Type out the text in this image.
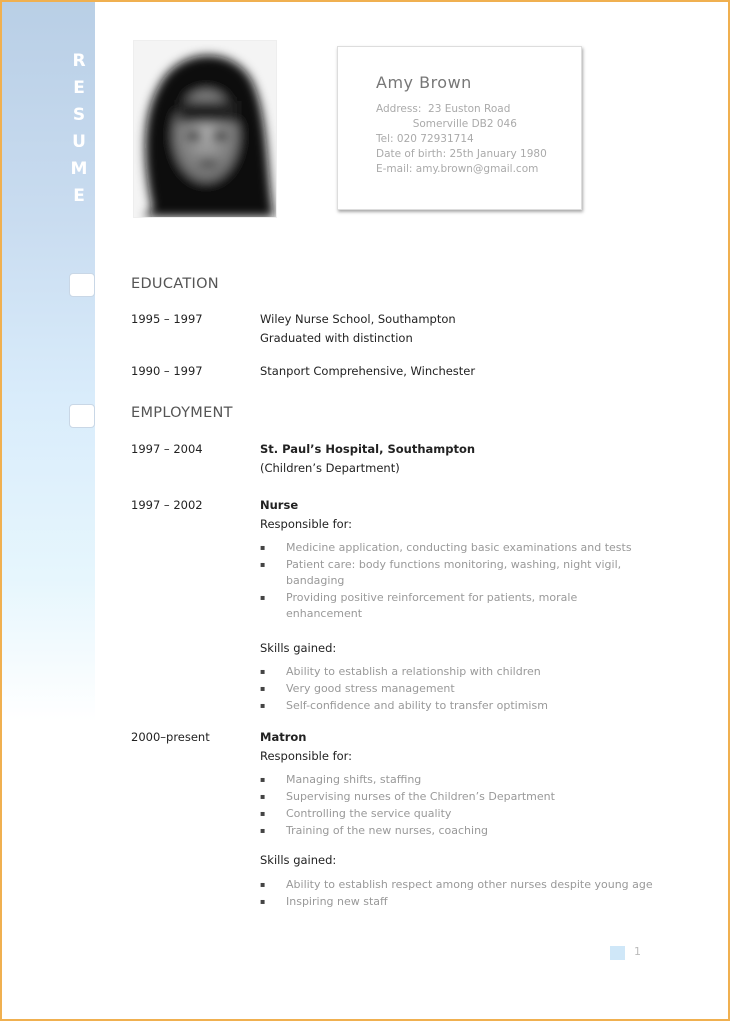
R
E
S
U
M
E
Amy Brown
Address:  23 Euston Road
Somerville DB2 046
Tel: 020 72931714
Date of birth: 25th January 1980
E-mail: amy.brown@gmail.com
EDUCATION
1995 – 1997	Wiley Nurse School, Southampton
Graduated with distinction
1990 – 1997	Stanport Comprehensive, Winchester
EMPLOYMENT
1997 – 2004	St. Paul’s Hospital, Southampton
(Children’s Department)
1997 – 2002	Nurse
Responsible for:
▪ Medicine application, conducting basic examinations and tests
▪ Patient care: body functions monitoring, washing, night vigil, bandaging
▪ Providing positive reinforcement for patients, morale enhancement
Skills gained:
▪ Ability to establish a relationship with children
▪ Very good stress management
▪ Self-confidence and ability to transfer optimism
2000–present	Matron
Responsible for:
▪ Managing shifts, staffing
▪ Supervising nurses of the Children’s Department
▪ Controlling the service quality
▪ Training of the new nurses, coaching
Skills gained:
▪ Ability to establish respect among other nurses despite young age
▪ Inspiring new staff
1
